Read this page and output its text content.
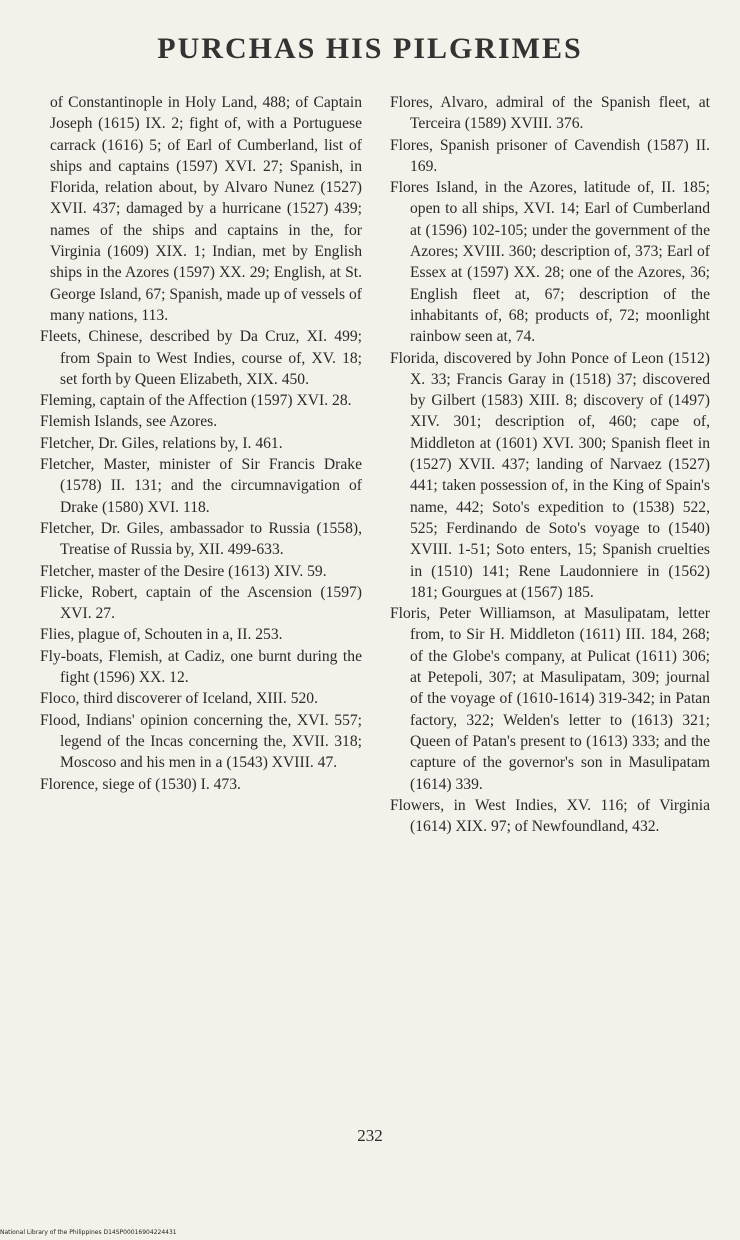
PURCHAS HIS PILGRIMES

of Constantinople in Holy Land, 488; of Captain Joseph (1615) IX. 2; fight of, with a Portuguese carrack (1616) 5; of Earl of Cumberland, list of ships and captains (1597) XVI. 27; Spanish, in Florida, relation about, by Alvaro Nunez (1527) XVII. 437; damaged by a hurricane (1527) 439; names of the ships and captains in the, for Virginia (1609) XIX. 1; Indian, met by English ships in the Azores (1597) XX. 29; English, at St. George Island, 67; Spanish, made up of vessels of many nations, 113.

Fleets, Chinese, described by Da Cruz, XI. 499; from Spain to West Indies, course of, XV. 18; set forth by Queen Elizabeth, XIX. 450.

Fleming, captain of the Affection (1597) XVI. 28.

Flemish Islands, see Azores.

Fletcher, Dr. Giles, relations by, I. 461.

Fletcher, Master, minister of Sir Francis Drake (1578) II. 131; and the circumnavigation of Drake (1580) XVI. 118.

Fletcher, Dr. Giles, ambassador to Russia (1558), Treatise of Russia by, XII. 499-633.

Fletcher, master of the Desire (1613) XIV. 59.

Flicke, Robert, captain of the Ascension (1597) XVI. 27.

Flies, plague of, Schouten in a, II. 253.

Fly-boats, Flemish, at Cadiz, one burnt during the fight (1596) XX. 12.

Floco, third discoverer of Iceland, XIII. 520.

Flood, Indians' opinion concerning the, XVI. 557; legend of the Incas concerning the, XVII. 318; Moscoso and his men in a (1543) XVIII. 47.

Florence, siege of (1530) I. 473.

Flores, Alvaro, admiral of the Spanish fleet, at Terceira (1589) XVIII. 376.

Flores, Spanish prisoner of Cavendish (1587) II. 169.

Flores Island, in the Azores, latitude of, II. 185; open to all ships, XVI. 14; Earl of Cumberland at (1596) 102-105; under the government of the Azores; XVIII. 360; description of, 373; Earl of Essex at (1597) XX. 28; one of the Azores, 36; English fleet at, 67; description of the inhabitants of, 68; products of, 72; moonlight rainbow seen at, 74.

Florida, discovered by John Ponce of Leon (1512) X. 33; Francis Garay in (1518) 37; discovered by Gilbert (1583) XIII. 8; discovery of (1497) XIV. 301; description of, 460; cape of, Middleton at (1601) XVI. 300; Spanish fleet in (1527) XVII. 437; landing of Narvaez (1527) 441; taken possession of, in the King of Spain's name, 442; Soto's expedition to (1538) 522, 525; Ferdinando de Soto's voyage to (1540) XVIII. 1-51; Soto enters, 15; Spanish cruelties in (1510) 141; Rene Laudonniere in (1562) 181; Gourgues at (1567) 185.

Floris, Peter Williamson, at Masulipatam, letter from, to Sir H. Middleton (1611) III. 184, 268; of the Globe's company, at Pulicat (1611) 306; at Petepoli, 307; at Masulipatam, 309; journal of the voyage of (1610-1614) 319-342; in Patan factory, 322; Welden's letter to (1613) 321; Queen of Patan's present to (1613) 333; and the capture of the governor's son in Masulipatam (1614) 339.

Flowers, in West Indies, XV. 116; of Virginia (1614) XIX. 97; of Newfoundland, 432.

232
National Library of the Philippines D14SP00016904224431
